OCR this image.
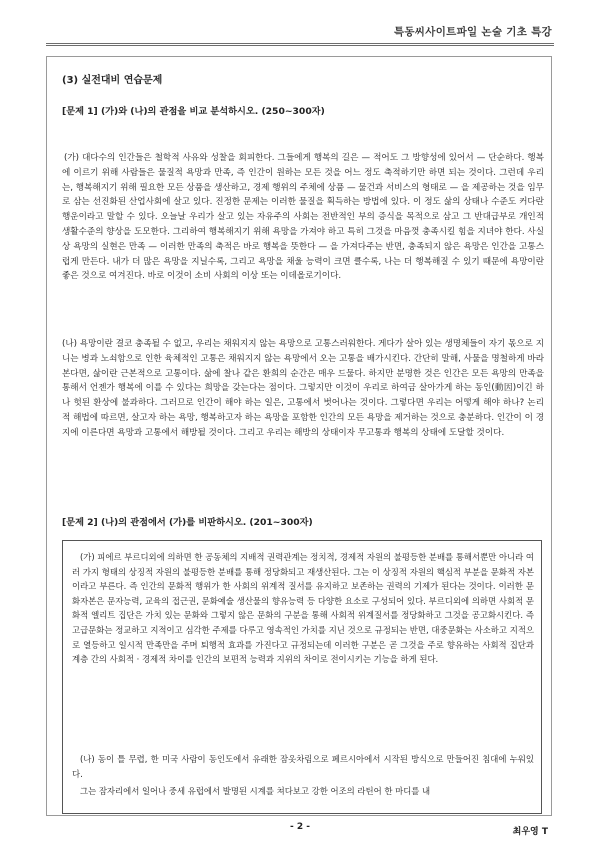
특동씨사이트파일 논술 기초 특강
(3) 실전대비 연습문제
[문제 1] (가)와 (나)의 관점을 비교 분석하시오. (250~300자)

(가) 대다수의 인간들은 철학적 사유와 성찰을 회피한다. 그들에게 행복의 길은 — 적어도 그 방향성에 있어서 — 단순하다. 행복에 이르기 위해 사람들은 물질적 욕망과 만족, 즉 인간이 원하는 모든 것을 어느 정도 축적하기만 하면 되는 것이다. 그런데 우리는, 행복해지기 위해 필요한 모든 상품을 생산하고, 경제 행위의 주체에 상품 — 물건과 서비스의 형태로 — 을 제공하는 것을 임무로 삼는 선진화된 산업사회에 살고 있다. 진정한 문제는 이러한 물질을 획득하는 방법에 있다. 이 정도 삶의 상태나 수준도 커다란 행운이라고 말할 수 있다. 오늘날 우리가 살고 있는 자유주의 사회는 전반적인 부의 증식을 목적으로 삼고 그 반대급부로 개인적 생활수준의 향상을 도모한다. 그리하여 행복해지기 위해 욕망을 가져야 하고 특히 그것을 마음껏 충족시킬 힘을 지녀야 한다. 사실상 욕망의 실현은 만족 — 이러한 만족의 축적은 바로 행복을 뜻한다 — 을 가져다주는 반면, 충족되지 않은 욕망은 인간을 고통스럽게 만든다. 내가 더 많은 욕망을 지닐수록, 그리고 욕망을 채울 능력이 크면 클수록, 나는 더 행복해질 수 있기 때문에 욕망이란 좋은 것으로 여겨진다. 바로 이것이 소비 사회의 이상 또는 이데올로기이다.

(나) 욕망이란 결코 충족될 수 없고, 우리는 채워지지 않는 욕망으로 고통스러워한다. 게다가 살아 있는 생명체들이 자기 몫으로 지니는 병과 노쇠함으로 인한 육체적인 고통은 채워지지 않는 욕망에서 오는 고통을 배가시킨다. 간단히 말해, 사물을 명철하게 바라본다면, 삶이란 근본적으로 고통이다. 삶에 찰나 같은 환희의 순간은 매우 드물다. 하지만 분명한 것은 인간은 모든 욕망의 만족을 통해서 언젠가 행복에 이를 수 있다는 희망을 갖는다는 점이다. 그렇지만 이것이 우리로 하여금 살아가게 하는 동인(動因)이긴 하나 헛된 환상에 불과하다. 그러므로 인간이 해야 하는 일은, 고통에서 벗어나는 것이다. 그렇다면 우리는 어떻게 해야 하나? 논리적 해법에 따르면, 살고자 하는 욕망, 행복하고자 하는 욕망을 포함한 인간의 모든 욕망을 제거하는 것으로 충분하다. 인간이 이 경지에 이른다면 욕망과 고통에서 해방될 것이다. 그리고 우리는 해방의 상태이자 무고통과 행복의 상태에 도달할 것이다.

[문제 2] (나)의 관점에서 (가)를 비판하시오. (201~300자)

(가) 피에르 부르디외에 의하면 한 공동체의 지배적 권력관계는 정치적, 경제적 자원의 불평등한 분배를 통해서뿐만 아니라 여러 가지 형태의 상징적 자원의 불평등한 분배를 통해 정당화되고 재생산된다. 그는 이 상징적 자원의 핵심적 부분을 문화적 자본이라고 부른다. 즉 인간의 문화적 행위가 한 사회의 위계적 질서를 유지하고 보존하는 권력의 기제가 된다는 것이다. 이러한 문화자본은 문자능력, 교육의 접근권, 문화예술 생산물의 향유능력 등 다양한 요소로 구성되어 있다. 부르디외에 의하면 사회적 문화적 엘리트 집단은 가치 있는 문화와 그렇지 않은 문화의 구분을 통해 사회적 위계질서를 정당화하고 그것을 공고화시킨다. 즉 고급문화는 정교하고 지적이고 심각한 주제를 다루고 영속적인 가치를 지닌 것으로 규정되는 반면, 대중문화는 사소하고 지적으로 열등하고 일시적 만족만을 주며 퇴행적 효과를 가진다고 규정되는데 이러한 구분은 곧 그것을 주로 향유하는 사회적 집단과 계층 간의 사회적 · 경제적 차이를 인간의 보편적 능력과 지위의 차이로 전이시키는 기능을 하게 된다.

(나) 동이 틀 무렵, 한 미국 사람이 동인도에서 유래한 잠옷차림으로 페르시아에서 시작된 방식으로 만들어진 침대에 누워있다.

그는 잠자리에서 일어나 중세 유럽에서 발명된 시계를 쳐다보고 강한 어조의 라틴어 한 마디를 내

- 2 -	최우영 T
